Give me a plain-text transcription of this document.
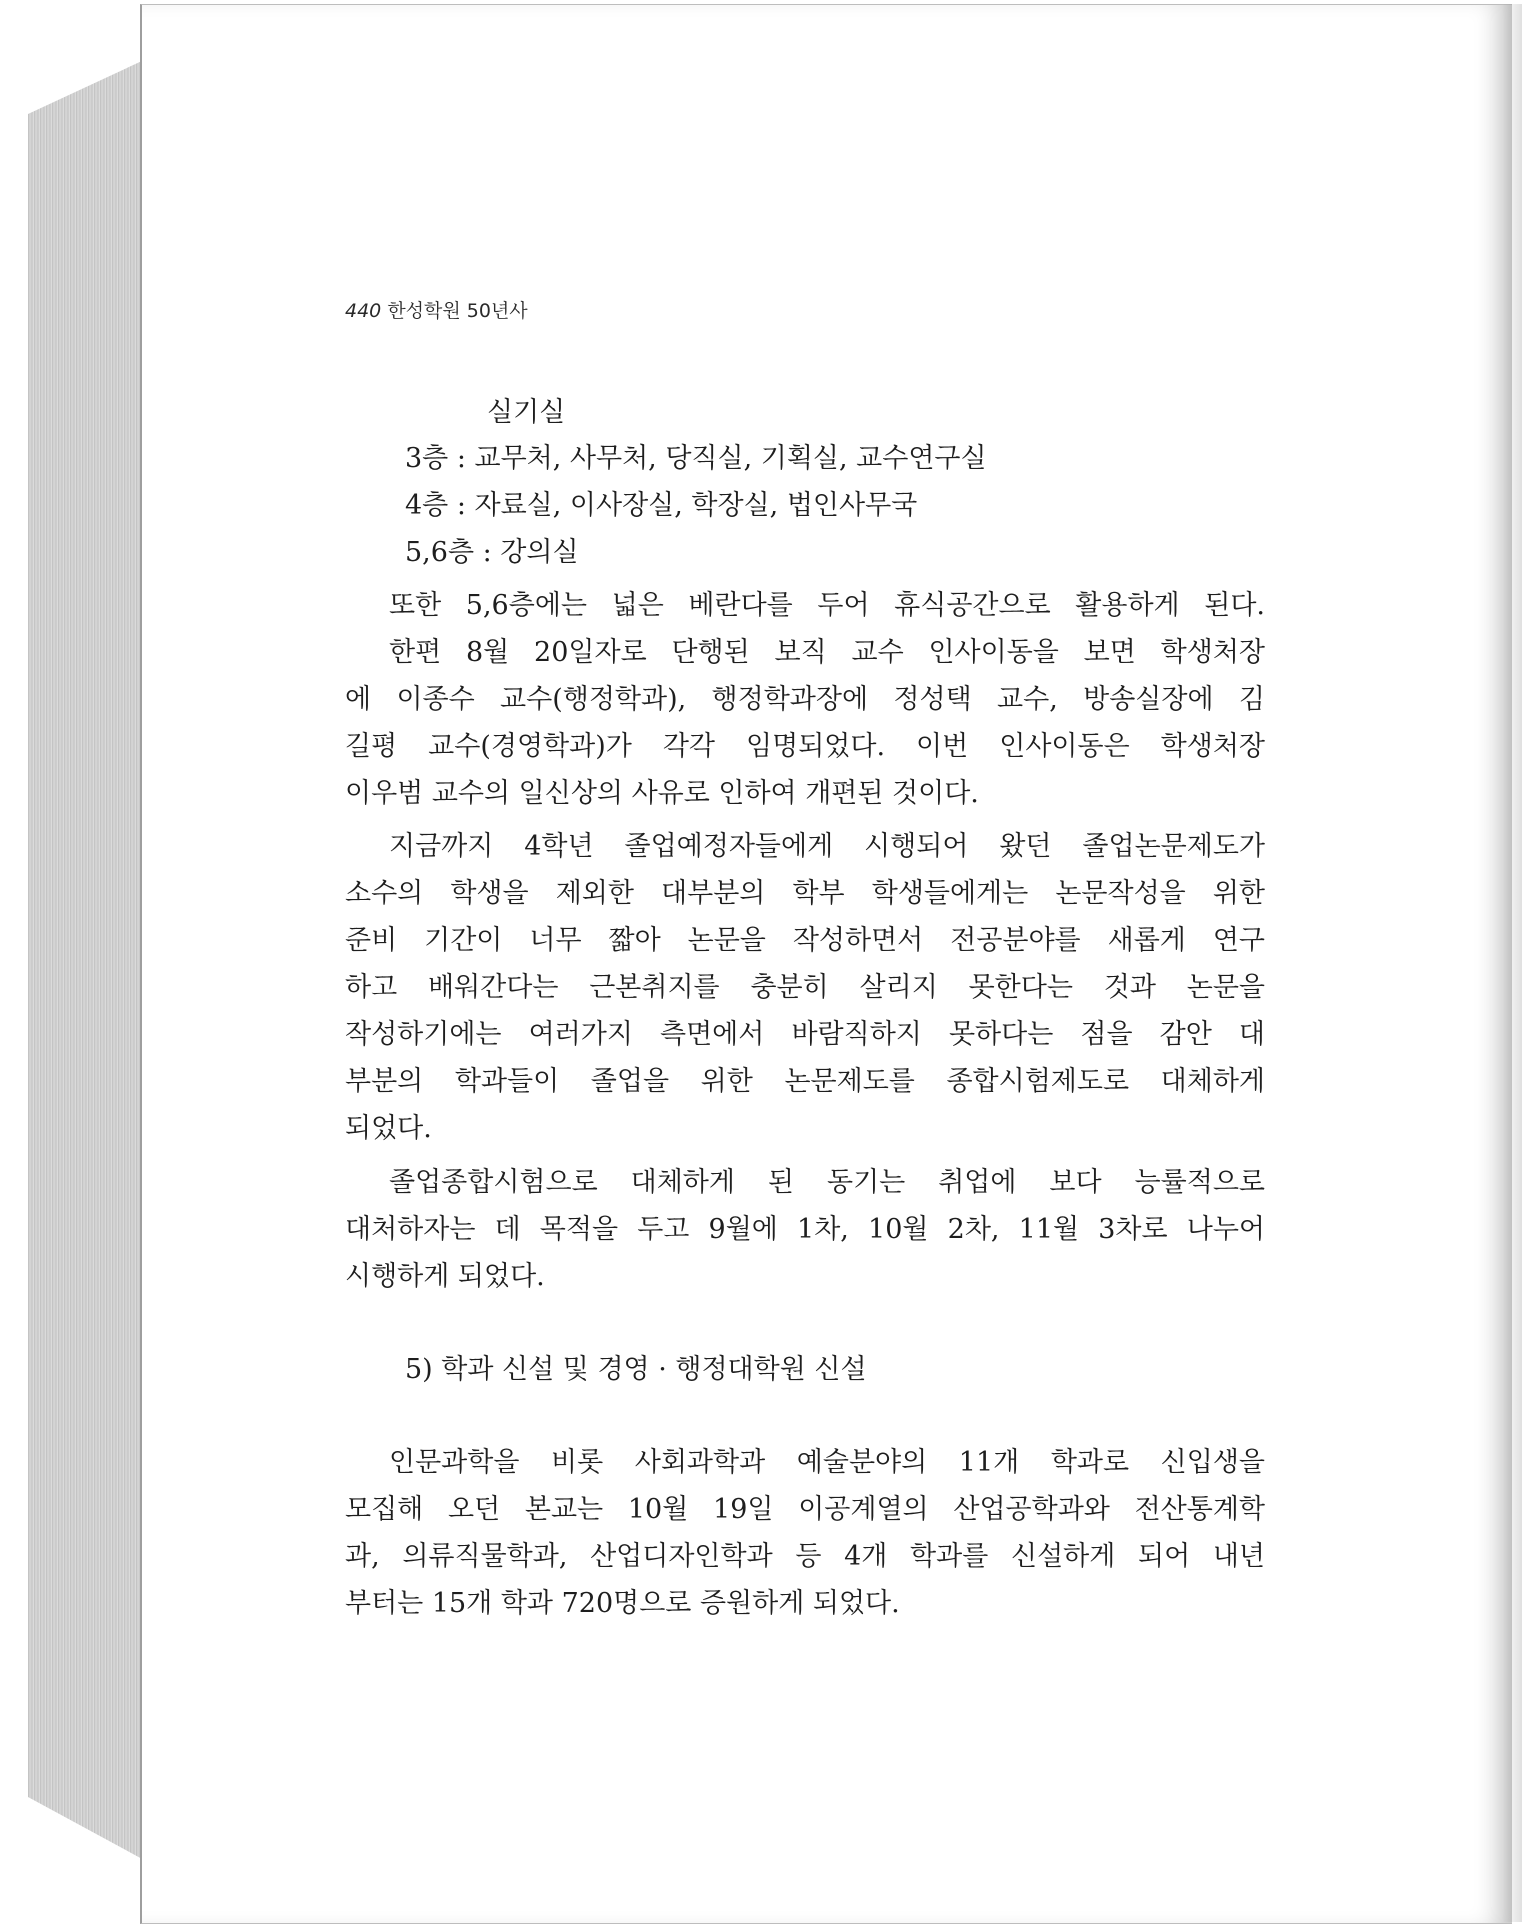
440 한성학원 50년사
실기실
3층 : 교무처, 사무처, 당직실, 기획실, 교수연구실
4층 : 자료실, 이사장실, 학장실, 법인사무국
5,6층 : 강의실
또한 5,6층에는 넓은 베란다를 두어 휴식공간으로 활용하게 된다.
한편 8월 20일자로 단행된 보직 교수 인사이동을 보면 학생처장
에 이종수 교수(행정학과), 행정학과장에 정성택 교수, 방송실장에 김
길평 교수(경영학과)가 각각 임명되었다. 이번 인사이동은 학생처장
이우범 교수의 일신상의 사유로 인하여 개편된 것이다.
지금까지 4학년 졸업예정자들에게 시행되어 왔던 졸업논문제도가
소수의 학생을 제외한 대부분의 학부 학생들에게는 논문작성을 위한
준비 기간이 너무 짧아 논문을 작성하면서 전공분야를 새롭게 연구
하고 배워간다는 근본취지를 충분히 살리지 못한다는 것과 논문을
작성하기에는 여러가지 측면에서 바람직하지 못하다는 점을 감안 대
부분의 학과들이 졸업을 위한 논문제도를 종합시험제도로 대체하게
되었다.
졸업종합시험으로 대체하게 된 동기는 취업에 보다 능률적으로
대처하자는 데 목적을 두고 9월에 1차, 10월 2차, 11월 3차로 나누어
시행하게 되었다.
5) 학과 신설 및 경영 · 행정대학원 신설
인문과학을 비롯 사회과학과 예술분야의 11개 학과로 신입생을
모집해 오던 본교는 10월 19일 이공계열의 산업공학과와 전산통계학
과, 의류직물학과, 산업디자인학과 등 4개 학과를 신설하게 되어 내년
부터는 15개 학과 720명으로 증원하게 되었다.
